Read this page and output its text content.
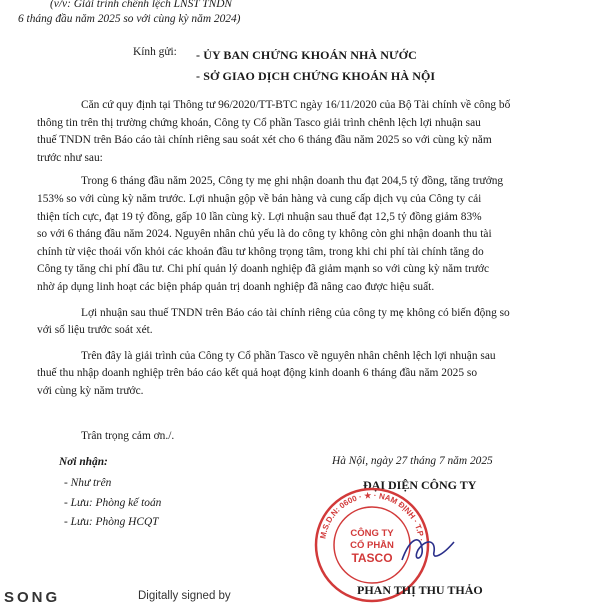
(v/v: Giải trình chênh lệch LNST TNDN
6 tháng đầu năm 2025 so với cùng kỳ năm 2024)
Kính gửi: - ỦY BAN CHỨNG KHOÁN NHÀ NƯỚC
- SỞ GIAO DỊCH CHỨNG KHOÁN HÀ NỘI
Căn cứ quy định tại Thông tư 96/2020/TT-BTC ngày 16/11/2020 của Bộ Tài chính về công bố
thông tin trên thị trường chứng khoán, Công ty Cổ phần Tasco giải trình chênh lệch lợi nhuận sau
thuế TNDN trên Báo cáo tài chính riêng sau soát xét cho 6 tháng đầu năm 2025 so với cùng kỳ năm
trước như sau:
Trong 6 tháng đầu năm 2025, Công ty mẹ ghi nhận doanh thu đạt 204,5 tỷ đồng, tăng trưởng
153% so với cùng kỳ năm trước. Lợi nhuận gộp về bán hàng và cung cấp dịch vụ của Công ty cải
thiện tích cực, đạt 19 tỷ đồng, gấp 10 lần cùng kỳ. Lợi nhuận sau thuế đạt 12,5 tỷ đồng giảm 83%
so với 6 tháng đầu năm 2024. Nguyên nhân chủ yếu là do công ty không còn ghi nhận doanh thu tài
chính từ việc thoái vốn khỏi các khoản đầu tư không trọng tâm, trong khi chi phí tài chính tăng do
Công ty tăng chi phí đầu tư. Chi phí quản lý doanh nghiệp đã giảm mạnh so với cùng kỳ năm trước
nhờ áp dụng linh hoạt các biện pháp quản trị doanh nghiệp đã nâng cao được hiệu suất.
Lợi nhuận sau thuế TNDN trên Báo cáo tài chính riêng của công ty mẹ không có biến động so
với số liệu trước soát xét.
Trên đây là giải trình của Công ty Cổ phần Tasco về nguyên nhân chênh lệch lợi nhuận sau
thuế thu nhập doanh nghiệp trên báo cáo kết quả hoạt động kinh doanh 6 tháng đầu năm 2025 so
với cùng kỳ năm trước.
Trân trọng cảm ơn./.
Nơi nhận:
- Như trên
- Lưu: Phòng kế toán
- Lưu: Phòng HCQT
Hà Nội, ngày 27 tháng 7 năm 2025
ĐẠI DIỆN CÔNG TY
M.S.D.N: 0600 · ★ · NAM ĐỊNH · T.P ·
CÔNG TY
CỔ PHẦN
TASCO
PHAN THỊ THU THẢO
SONG	Digitally signed by
